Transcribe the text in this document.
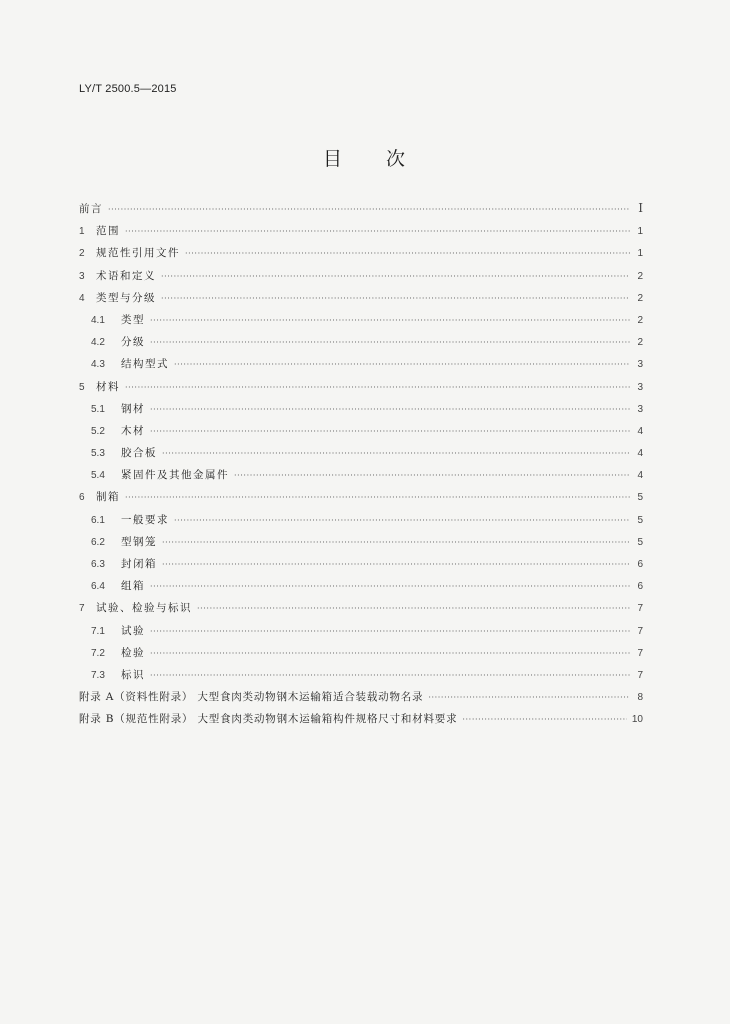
LY/T 2500.5—2015
目 次
前言 ·····	Ⅰ
1	范围 ·····	1
2	规范性引用文件 ·····	1
3	术语和定义 ·····	2
4	类型与分级 ·····	2
4.1	类型 ·····	2
4.2	分级 ·····	2
4.3	结构型式 ·····	3
5	材料 ·····	3
5.1	钢材 ·····	3
5.2	木材 ·····	4
5.3	胶合板 ·····	4
5.4	紧固件及其他金属件 ·····	4
6	制箱 ·····	5
6.1	一般要求 ·····	5
6.2	型钢笼 ·····	5
6.3	封闭箱 ·····	6
6.4	组箱 ·····	6
7	试验、检验与标识 ·····	7
7.1	试验 ·····	7
7.2	检验 ·····	7
7.3	标识 ·····	7
附录 A（资料性附录） 大型食肉类动物钢木运输箱适合装载动物名录 ·····	8
附录 B（规范性附录） 大型食肉类动物钢木运输箱构件规格尺寸和材料要求 ·····	10
